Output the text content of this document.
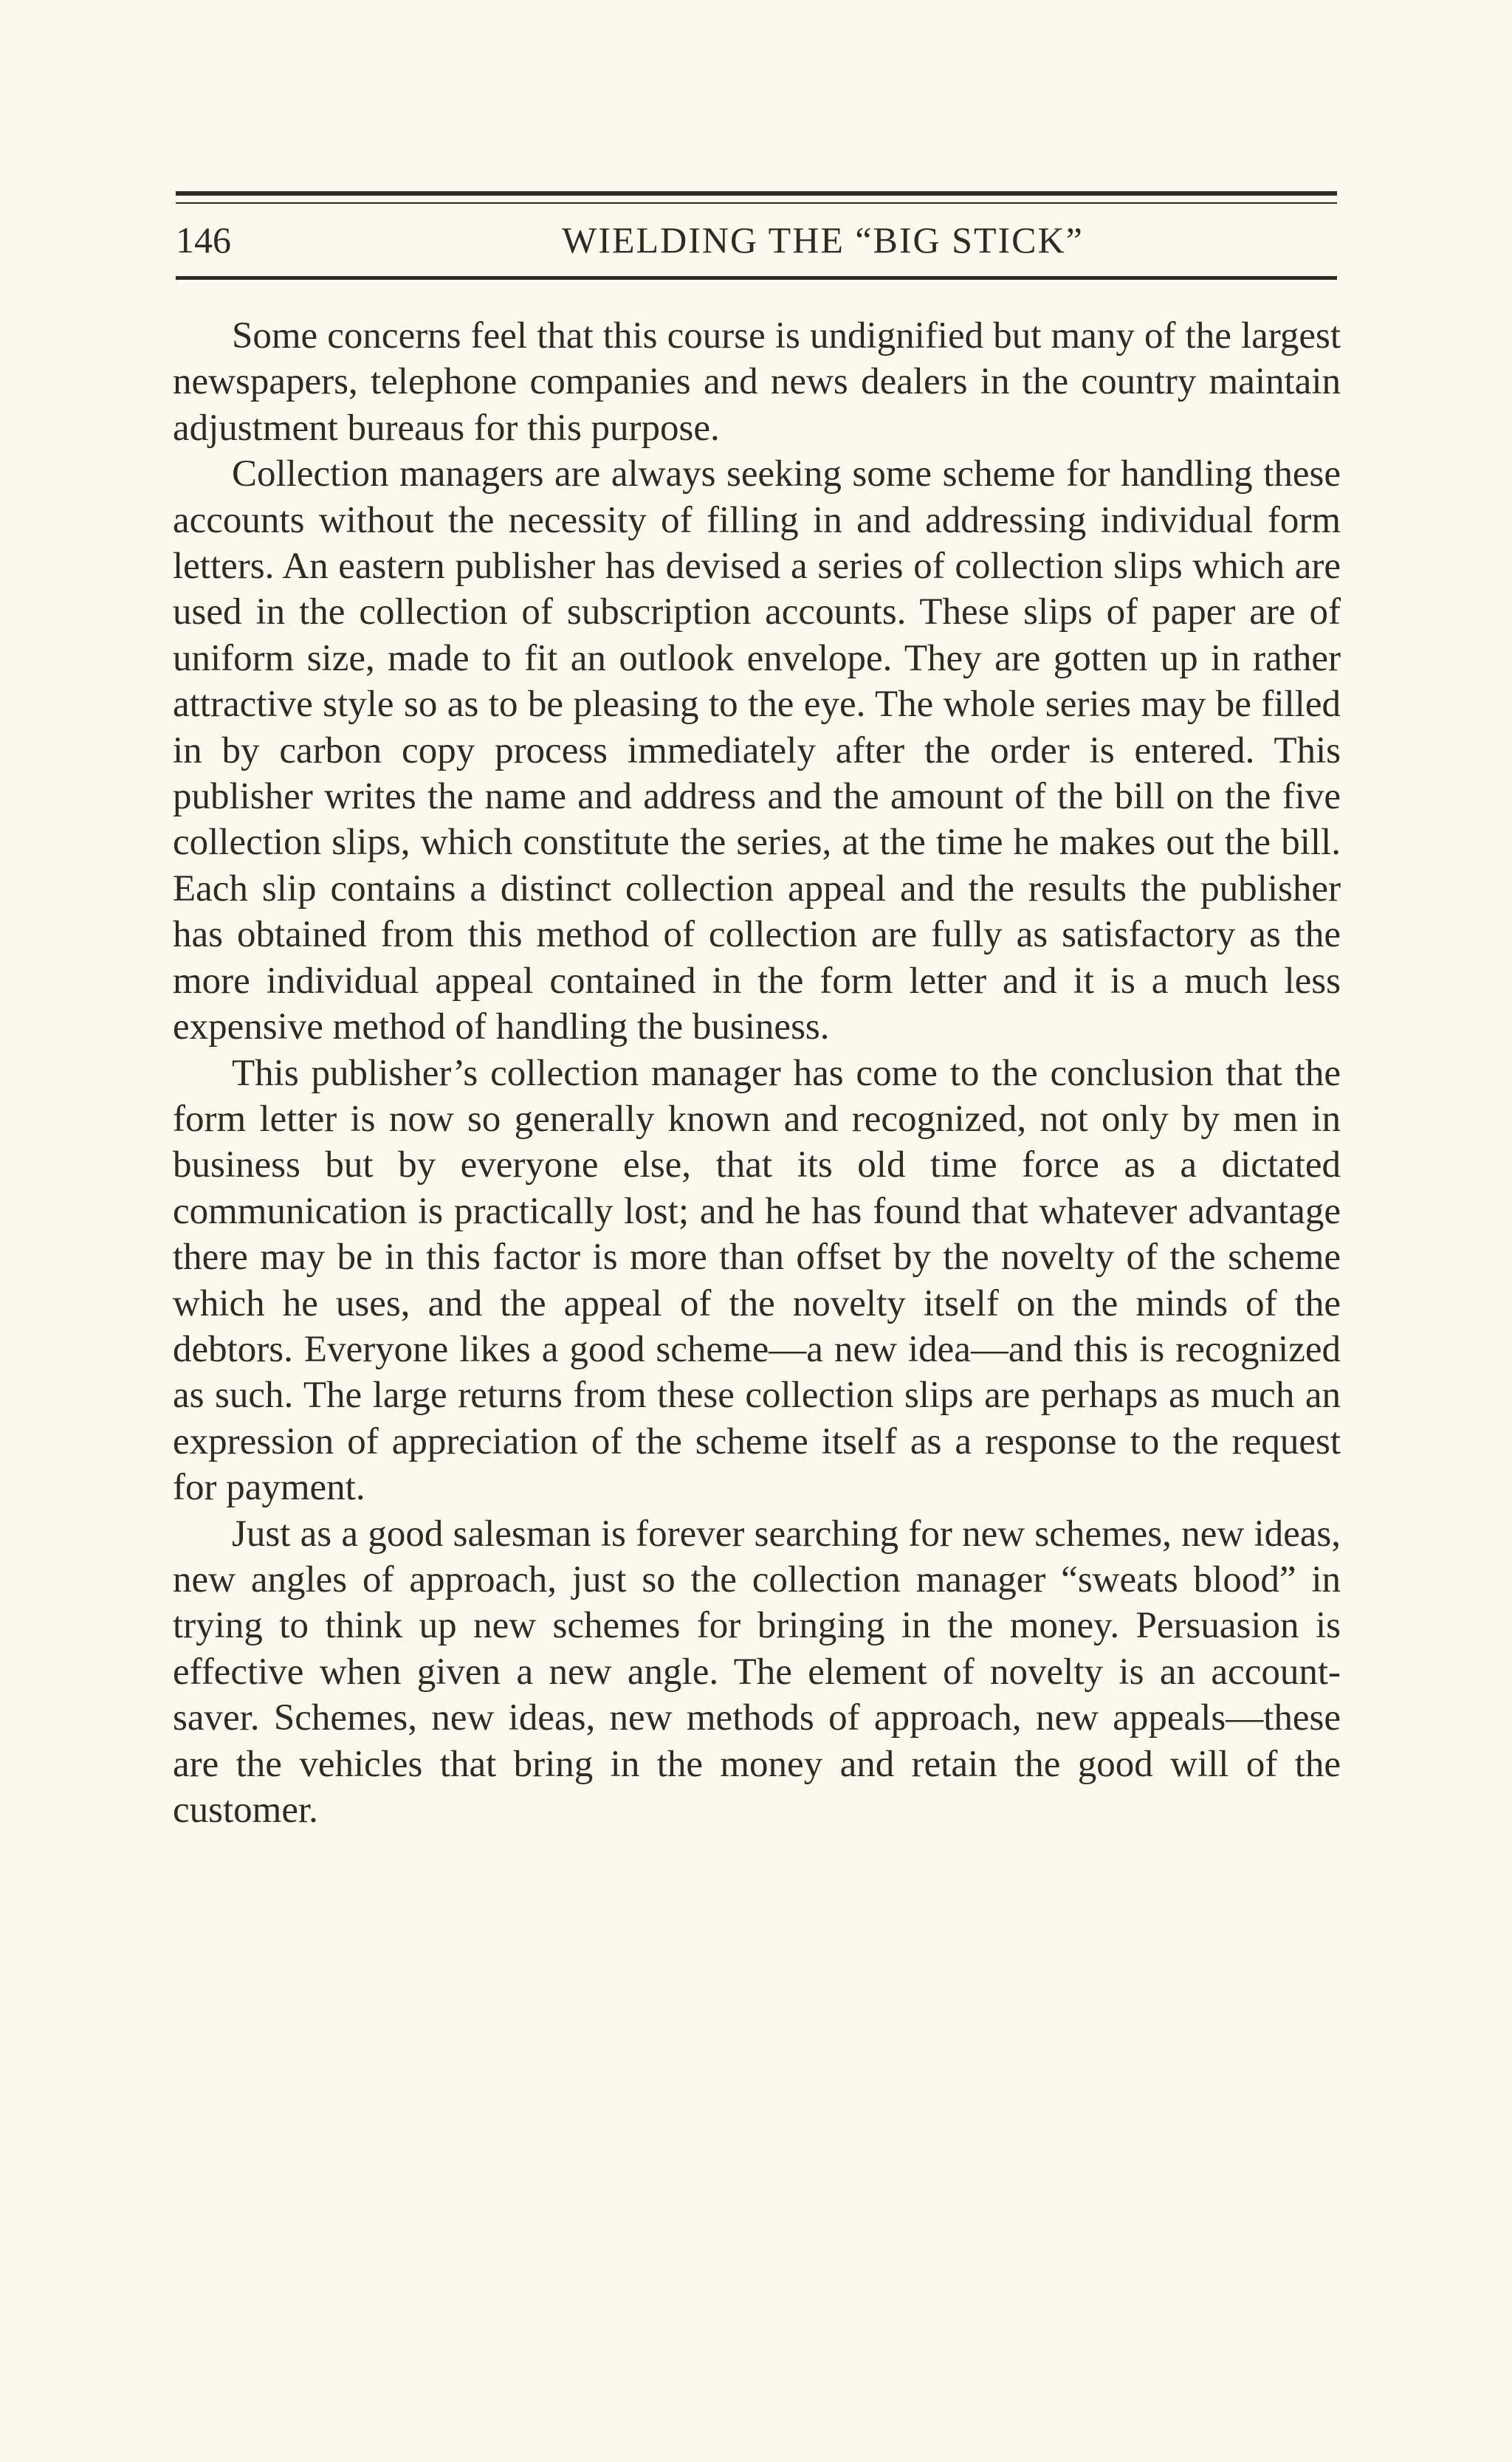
146	WIELDING THE “BIG STICK”

Some concerns feel that this course is undignified but many of the largest newspapers, telephone companies and news dealers in the country maintain adjustment bureaus for this purpose.

Collection managers are always seeking some scheme for handling these accounts without the necessity of filling in and addressing individual form letters. An eastern publisher has devised a series of collection slips which are used in the collection of subscription accounts. These slips of paper are of uniform size, made to fit an outlook envelope. They are gotten up in rather attractive style so as to be pleasing to the eye. The whole series may be filled in by carbon copy process immediately after the order is entered. This publisher writes the name and address and the amount of the bill on the five collection slips, which constitute the series, at the time he makes out the bill. Each slip contains a distinct collection appeal and the results the publisher has obtained from this method of collection are fully as satisfactory as the more individual appeal contained in the form letter and it is a much less expensive method of handling the business.

This publisher’s collection manager has come to the conclusion that the form letter is now so generally known and recognized, not only by men in business but by everyone else, that its old time force as a dictated communication is practically lost; and he has found that whatever advantage there may be in this factor is more than offset by the novelty of the scheme which he uses, and the appeal of the novelty itself on the minds of the debtors. Everyone likes a good scheme—a new idea—and this is recognized as such. The large returns from these collection slips are perhaps as much an expression of appreciation of the scheme itself as a response to the request for payment.

Just as a good salesman is forever searching for new schemes, new ideas, new angles of approach, just so the collection manager “sweats blood” in trying to think up new schemes for bringing in the money. Persuasion is effective when given a new angle. The element of novelty is an account-saver. Schemes, new ideas, new methods of approach, new appeals—these are the vehicles that bring in the money and retain the good will of the customer.
